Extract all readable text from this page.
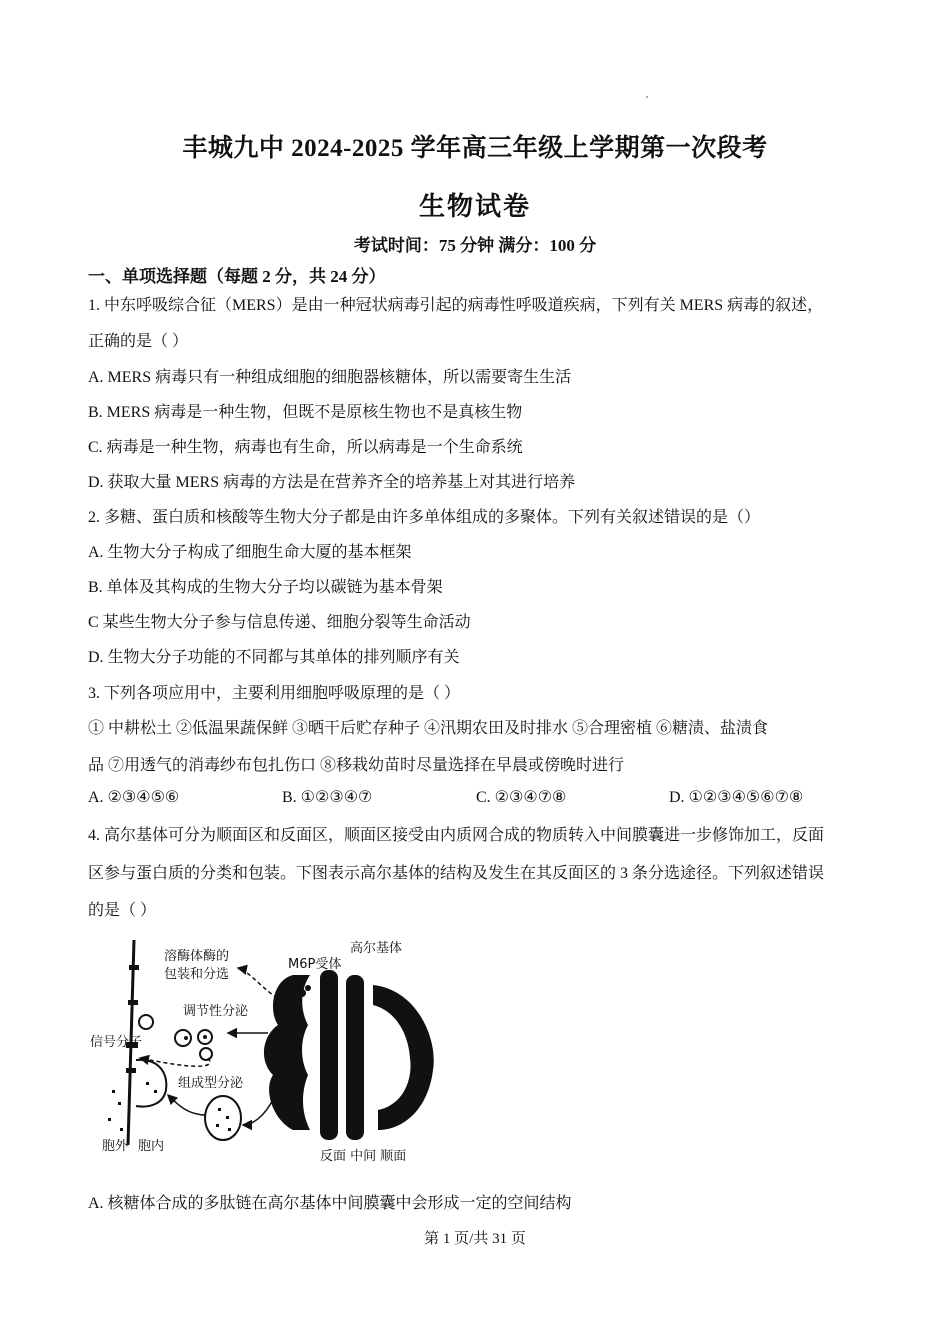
丰城九中 2024-2025 学年高三年级上学期第一次段考
生物试卷
考试时间：75 分钟 满分：100 分
一、单项选择题（每题 2 分，共 24 分）
1. 中东呼吸综合征（MERS）是由一种冠状病毒引起的病毒性呼吸道疾病，下列有关 MERS 病毒的叙述，
正确的是（ ）
A. MERS 病毒只有一种组成细胞的细胞器核糖体，所以需要寄生生活
B. MERS 病毒是一种生物，但既不是原核生物也不是真核生物
C. 病毒是一种生物，病毒也有生命，所以病毒是一个生命系统
D. 获取大量 MERS 病毒的方法是在营养齐全的培养基上对其进行培养
2. 多糖、蛋白质和核酸等生物大分子都是由许多单体组成的多聚体。下列有关叙述错误的是（）
A. 生物大分子构成了细胞生命大厦的基本框架
B. 单体及其构成的生物大分子均以碳链为基本骨架
C 某些生物大分子参与信息传递、细胞分裂等生命活动
D. 生物大分子功能的不同都与其单体的排列顺序有关
3. 下列各项应用中，主要利用细胞呼吸原理的是（ ）
① 中耕松土 ②低温果蔬保鲜 ③晒干后贮存种子 ④汛期农田及时排水 ⑤合理密植 ⑥糖渍、盐渍食
品 ⑦用透气的消毒纱布包扎伤口 ⑧移栽幼苗时尽量选择在早晨或傍晚时进行
A. ②③④⑤⑥	B. ①②③④⑦	C. ②③④⑦⑧	D. ①②③④⑤⑥⑦⑧
4. 高尔基体可分为顺面区和反面区，顺面区接受由内质网合成的物质转入中间膜囊进一步修饰加工，反面
区参与蛋白质的分类和包装。下图表示高尔基体的结构及发生在其反面区的 3 条分选途径。下列叙述错误
的是（ ）
溶酶体酶的
包装和分选
M6P受体
高尔基体
调节性分泌
信号分子
组成型分泌
胞外 胞内
反面 中间 顺面
A. 核糖体合成的多肽链在高尔基体中间膜囊中会形成一定的空间结构
第 1 页/共 31 页
